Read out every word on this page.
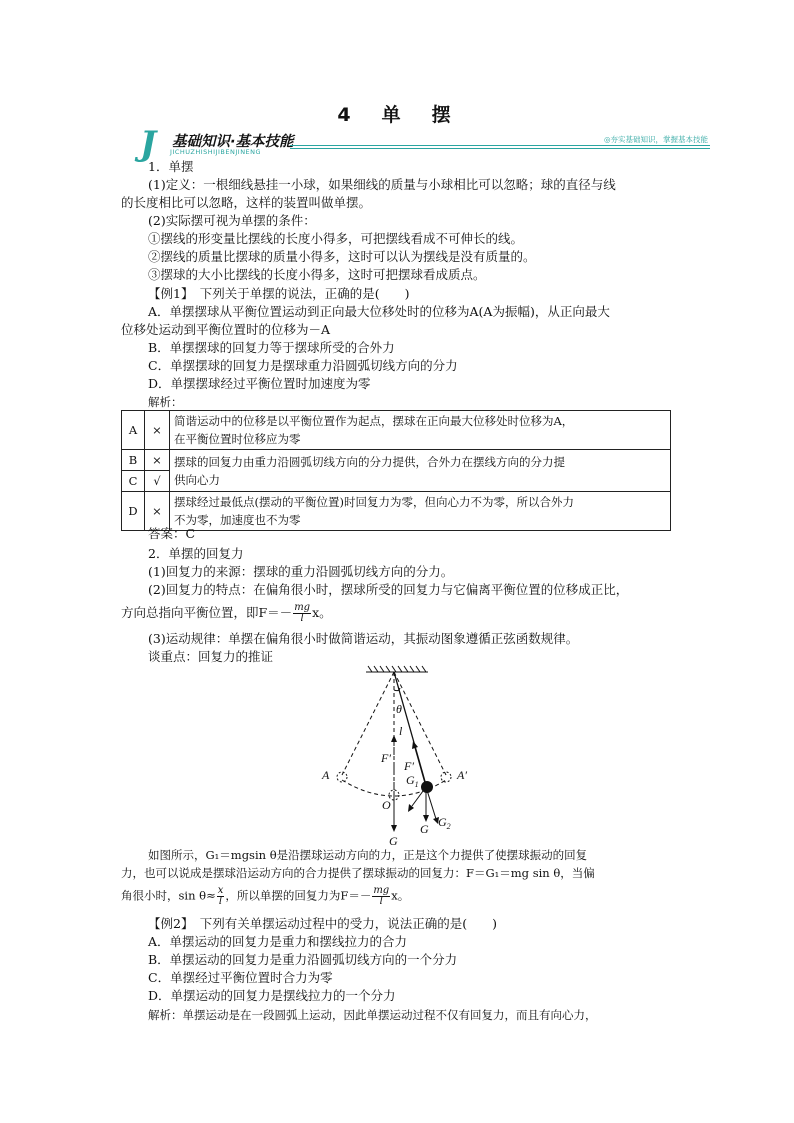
4　单　摆
J 基础知识·基本技能
JICHUZHISHIJIBENJINENG
◎夯实基础知识，掌握基本技能
1．单摆
(1)定义：一根细线悬挂一小球，如果细线的质量与小球相比可以忽略；球的直径与线
的长度相比可以忽略，这样的装置叫做单摆。
(2)实际摆可视为单摆的条件：
①摆线的形变量比摆线的长度小得多，可把摆线看成不可伸长的线。
②摆线的质量比摆球的质量小得多，这时可以认为摆线是没有质量的。
③摆球的大小比摆线的长度小得多，这时可把摆球看成质点。
【例1】　下列关于单摆的说法，正确的是(　　)
A．单摆摆球从平衡位置运动到正向最大位移处时的位移为A(A为振幅)，从正向最大
位移处运动到平衡位置时的位移为－A
B．单摆摆球的回复力等于摆球所受的合外力
C．单摆摆球的回复力是摆球重力沿圆弧切线方向的分力
D．单摆摆球经过平衡位置时加速度为零
解析：
A	×	简谐运动中的位移是以平衡位置作为起点，摆球在正向最大位移处时位移为A，
在平衡位置时位移应为零
B	×	摆球的回复力由重力沿圆弧切线方向的分力提供，合外力在摆线方向的分力提
供向心力
C	√	
D	×	摆球经过最低点(摆动的平衡位置)时回复力为零，但向心力不为零，所以合外力
不为零，加速度也不为零
答案：C
2．单摆的回复力
(1)回复力的来源：摆球的重力沿圆弧切线方向的分力。
(2)回复力的特点：在偏角很小时，摆球所受的回复力与它偏离平衡位置的位移成正比，
方向总指向平衡位置，即$F=- \frac{mg}{l}$ x。
(3)运动规律：单摆在偏角很小时做简谐运动，其振动图象遵循正弦函数规律。
谈重点：回复力的推证
θ
l
F′
F′
A	A′
O
$G_1$
G
G $G_2$
如图所示，G₁＝mgsin θ是沿摆球运动方向的力，正是这个力提供了使摆球振动的回复
力，也可以说成是摆球沿运动方向的合力提供了摆球振动的回复力：F＝G₁＝mg sin θ，当偏
角很小时，$\sin \theta\approx \frac{x}{l}$ ，所以单摆的回复力为$F=- \frac{mg}{l}$ x。
【例2】　下列有关单摆运动过程中的受力，说法正确的是(　　)
A．单摆运动的回复力是重力和摆线拉力的合力
B．单摆运动的回复力是重力沿圆弧切线方向的一个分力
C．单摆经过平衡位置时合力为零
D．单摆运动的回复力是摆线拉力的一个分力
解析：单摆运动是在一段圆弧上运动，因此单摆运动过程不仅有回复力，而且有向心力，
